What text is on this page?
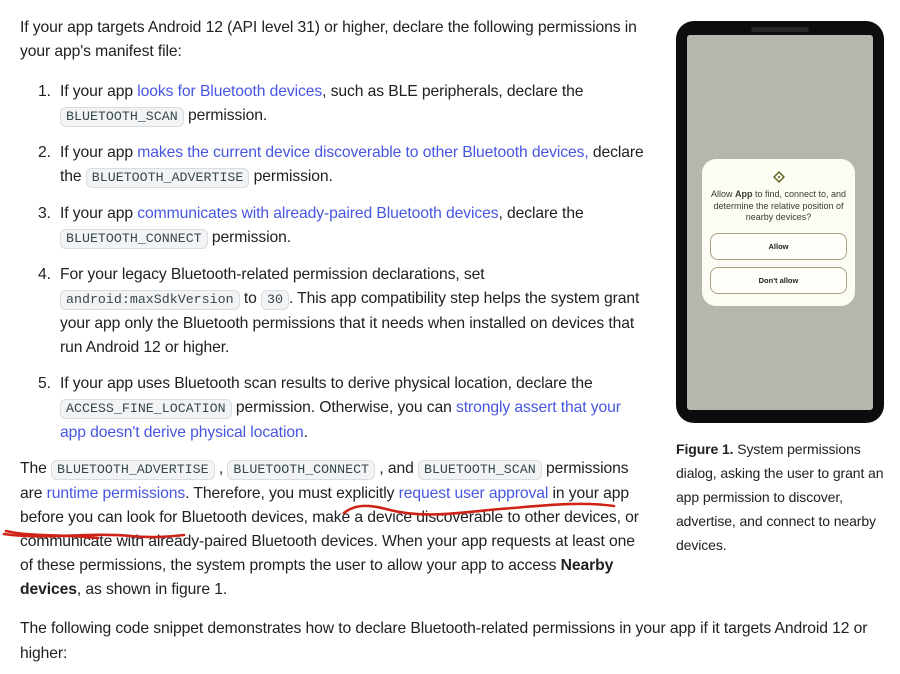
If your app targets Android 12 (API level 31) or higher, declare the following permissions in your app's manifest file:

1. If your app looks for Bluetooth devices, such as BLE peripherals, declare the BLUETOOTH_SCAN permission.
2. If your app makes the current device discoverable to other Bluetooth devices, declare the BLUETOOTH_ADVERTISE permission.
3. If your app communicates with already-paired Bluetooth devices, declare the BLUETOOTH_CONNECT permission.
4. For your legacy Bluetooth-related permission declarations, set android:maxSdkVersion to 30 . This app compatibility step helps the system grant your app only the Bluetooth permissions that it needs when installed on devices that run Android 12 or higher.
5. If your app uses Bluetooth scan results to derive physical location, declare the ACCESS_FINE_LOCATION permission. Otherwise, you can strongly assert that your app doesn't derive physical location.

The BLUETOOTH_ADVERTISE , BLUETOOTH_CONNECT , and BLUETOOTH_SCAN permissions are runtime permissions. Therefore, you must explicitly request user approval in your app before you can look for Bluetooth devices, make a device discoverable to other devices, or communicate with already-paired Bluetooth devices. When your app requests at least one of these permissions, the system prompts the user to allow your app to access Nearby devices, as shown in figure 1.

The following code snippet demonstrates how to declare Bluetooth-related permissions in your app if it targets Android 12 or higher:

Allow App to find, connect to, and determine the relative position of nearby devices?
Allow
Don't allow
Figure 1. System permissions dialog, asking the user to grant an app permission to discover, advertise, and connect to nearby devices.
